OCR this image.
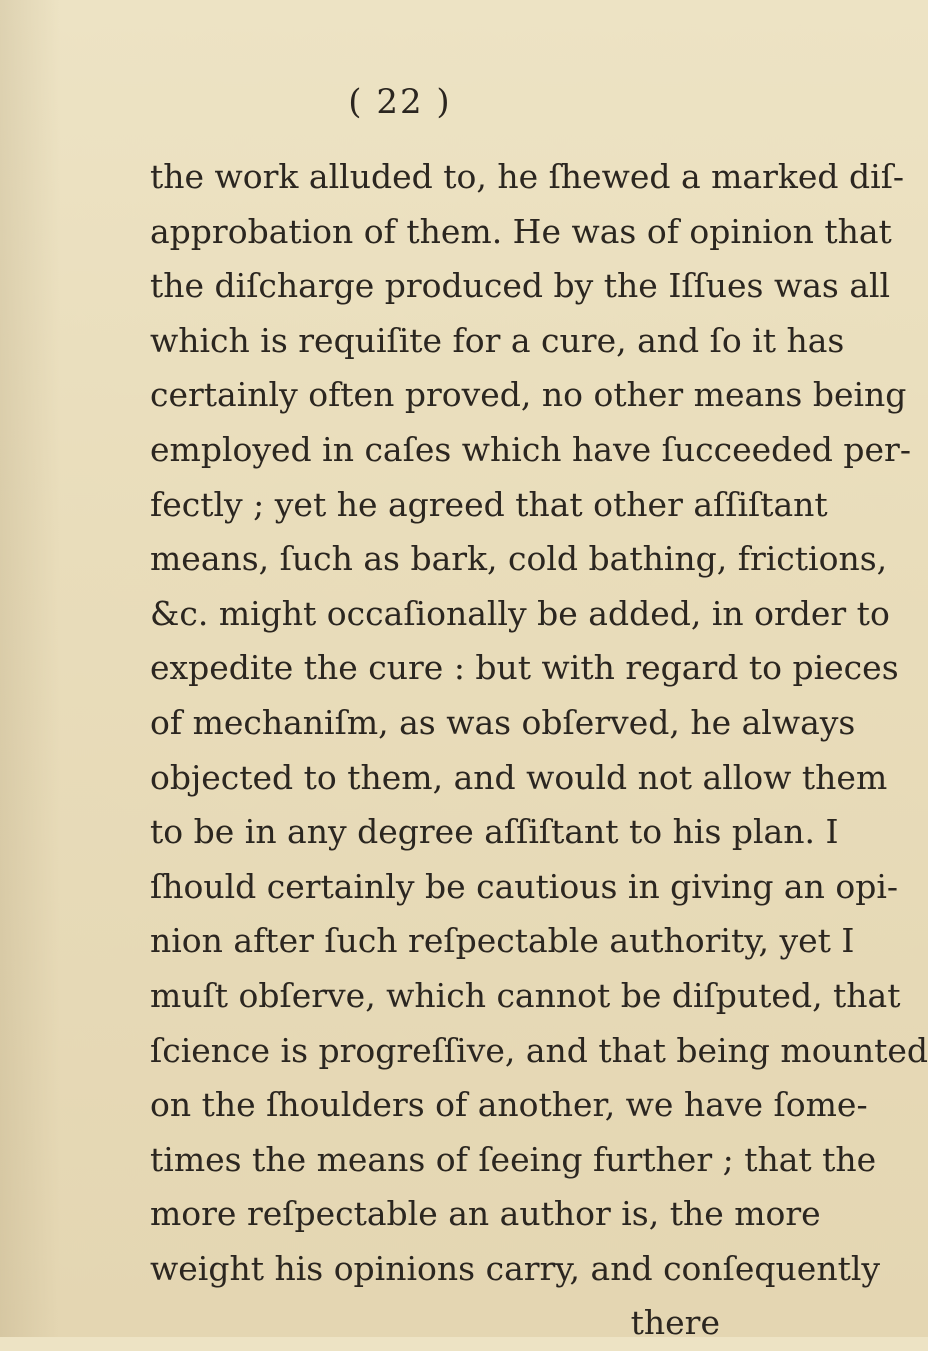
( 22 )
the work alluded to, he ſhewed a marked diſ-
approbation of them. He was of opinion that
the diſcharge produced by the Iſſues was all
which is requiſite for a cure, and ſo it has
certainly often proved, no other means being
employed in caſes which have ſucceeded per-
fectly ; yet he agreed that other aſſiſtant
means, ſuch as bark, cold bathing, frictions,
&c. might occaſionally be added, in order to
expedite the cure : but with regard to pieces
of mechaniſm, as was obſerved, he always
objected to them, and would not allow them
to be in any degree aſſiſtant to his plan. I
ſhould certainly be cautious in giving an opi-
nion after ſuch reſpectable authority, yet I
muſt obſerve, which cannot be diſputed, that
ſcience is progreſſive, and that being mounted
on the ſhoulders of another, we have ſome-
times the means of ſeeing further ; that the
more reſpectable an author is, the more
weight his opinions carry, and conſequently
there
